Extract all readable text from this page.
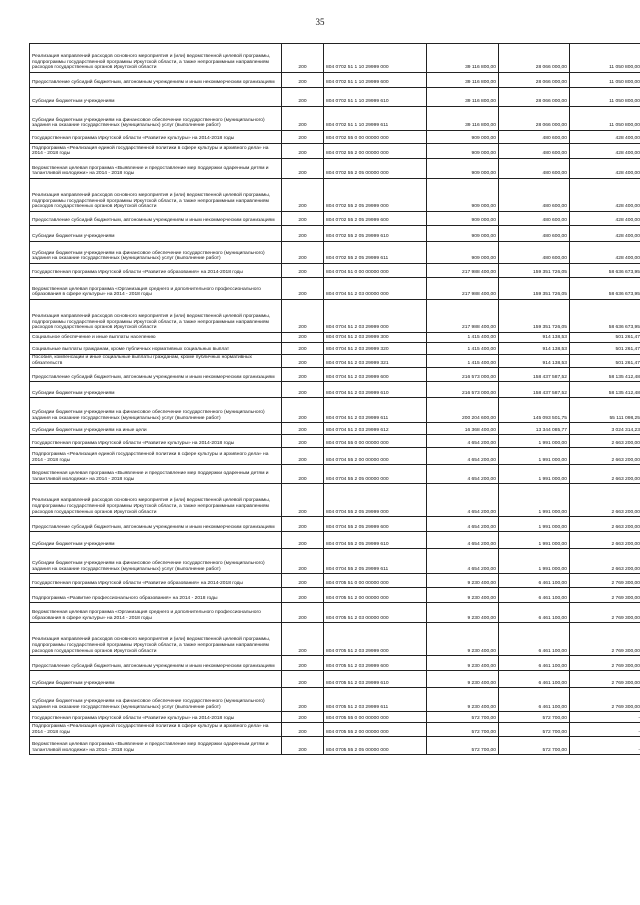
35
Реализация направлений расходов основного мероприятия и (или) ведомственной целевой программы, подпрограммы государственной программы Иркутской области, а также непрограммным направлениям расходов государственных органов Иркутской области	200	804 0702 51 1 10 29999 000	39 116 800,00	28 066 000,00	11 050 800,00
Предоставление субсидий бюджетным, автономным учреждениям и иным некоммерческим организациям	200	804 0702 51 1 10 29999 600	39 116 800,00	28 066 000,00	11 050 800,00
Субсидии бюджетным учреждениям	200	804 0702 51 1 10 29999 610	39 116 800,00	28 066 000,00	11 050 800,00
Субсидии бюджетным учреждениям на финансовое обеспечение государственного (муниципального) задания на оказание государственных (муниципальных) услуг (выполнение работ)	200	804 0702 51 1 10 29999 611	39 116 800,00	28 066 000,00	11 050 800,00
Государственная программа Иркутской области «Развитие культуры» на 2014-2018 годы	200	804 0702 55 0 00 00000 000	909 000,00	480 600,00	428 400,00
Подпрограмма «Реализация единой государственной политики в сфере культуры и архивного дела» на 2014 - 2018 годы	200	804 0702 55 2 00 00000 000	909 000,00	480 600,00	428 400,00
Ведомственная целевая программа «Выявление и предоставление мер поддержки одаренным детям и талантливой молодежи» на 2014 - 2018 годы	200	804 0702 55 2 05 00000 000	909 000,00	480 600,00	428 400,00
Реализация направлений расходов основного мероприятия и (или) ведомственной целевой программы, подпрограммы государственной программы Иркутской области, а также непрограммным направлениям расходов государственных органов Иркутской области	200	804 0702 55 2 05 29999 000	909 000,00	480 600,00	428 400,00
Предоставление субсидий бюджетным, автономным учреждениям и иным некоммерческим организациям	200	804 0702 55 2 05 29999 600	909 000,00	480 600,00	428 400,00
Субсидии бюджетным учреждениям	200	804 0702 55 2 05 29999 610	909 000,00	480 600,00	428 400,00
Субсидии бюджетным учреждениям на финансовое обеспечение государственного (муниципального) задания на оказание государственных (муниципальных) услуг (выполнение работ)	200	804 0702 55 2 05 29999 611	909 000,00	480 600,00	428 400,00
Государственная программа Иркутской области «Развитие образования» на 2014-2018 годы	200	804 0704 51 0 00 00000 000	217 988 400,00	159 351 726,05	58 636 673,95
Ведомственная целевая программа «Организация среднего и дополнительного профессионального образования в сфере культуры» на 2014 - 2018 годы	200	804 0704 51 2 03 00000 000	217 988 400,00	159 351 726,05	58 636 673,95
Реализация направлений расходов основного мероприятия и (или) ведомственной целевой программы, подпрограммы государственной программы Иркутской области, а также непрограммным направлениям расходов государственных органов Иркутской области	200	804 0704 51 2 03 29999 000	217 988 400,00	159 351 726,05	58 636 673,95
Социальное обеспечение и иные выплаты населению	200	804 0704 51 2 03 29999 300	1 415 400,00	914 138,53	501 261,47
Социальные выплаты гражданам, кроме публичных нормативных социальных выплат	200	804 0704 51 2 03 29999 320	1 415 400,00	914 138,53	501 261,47
Пособия, компенсации и иные социальные выплаты гражданам, кроме публичных нормативных обязательств	200	804 0704 51 2 03 29999 321	1 415 400,00	914 138,53	501 261,47
Предоставление субсидий бюджетным, автономным учреждениям и иным некоммерческим организациям	200	804 0704 51 2 03 29999 600	216 573 000,00	158 437 587,52	58 135 412,48
Субсидии бюджетным учреждениям	200	804 0704 51 2 03 29999 610	216 573 000,00	158 437 587,52	58 135 412,48
Субсидии бюджетным учреждениям на финансовое обеспечение государственного (муниципального) задания на оказание государственных (муниципальных) услуг (выполнение работ)	200	804 0704 51 2 03 29999 611	200 204 600,00	145 093 501,75	55 111 098,25
Субсидии бюджетным учреждениям на иные цели	200	804 0704 51 2 03 29999 612	16 368 400,00	13 344 085,77	3 024 314,23
Государственная программа Иркутской области «Развитие культуры» на 2014-2018 годы	200	804 0704 55 0 00 00000 000	4 654 200,00	1 991 000,00	2 663 200,00
Подпрограмма «Реализация единой государственной политики в сфере культуры и архивного дела» на 2014 - 2018 годы	200	804 0704 55 2 00 00000 000	4 654 200,00	1 991 000,00	2 663 200,00
Ведомственная целевая программа «Выявление и предоставление мер поддержки одаренным детям и талантливой молодежи» на 2014 - 2018 годы	200	804 0704 55 2 05 00000 000	4 654 200,00	1 991 000,00	2 663 200,00
Реализация направлений расходов основного мероприятия и (или) ведомственной целевой программы, подпрограммы государственной программы Иркутской области, а также непрограммным направлениям расходов государственных органов Иркутской области	200	804 0704 55 2 05 29999 000	4 654 200,00	1 991 000,00	2 663 200,00
Предоставление субсидий бюджетным, автономным учреждениям и иным некоммерческим организациям	200	804 0704 55 2 05 29999 600	4 654 200,00	1 991 000,00	2 663 200,00
Субсидии бюджетным учреждениям	200	804 0704 55 2 05 29999 610	4 654 200,00	1 991 000,00	2 663 200,00
Субсидии бюджетным учреждениям на финансовое обеспечение государственного (муниципального) задания на оказание государственных (муниципальных) услуг (выполнение работ)	200	804 0704 55 2 05 29999 611	4 654 200,00	1 991 000,00	2 663 200,00
Государственная программа Иркутской области «Развитие образования» на 2014-2018 годы	200	804 0705 51 0 00 00000 000	9 230 400,00	6 461 100,00	2 769 300,00
Подпрограмма «Развитие профессионального образования» на 2014 - 2018 годы	200	804 0705 51 2 00 00000 000	9 230 400,00	6 461 100,00	2 769 300,00
Ведомственная целевая программа «Организация среднего и дополнительного профессионального образования в сфере культуры» на 2014 - 2018 годы	200	804 0705 51 2 03 00000 000	9 230 400,00	6 461 100,00	2 769 300,00
Реализация направлений расходов основного мероприятия и (или) ведомственной целевой программы, подпрограммы государственной программы Иркутской области, а также непрограммным направлениям расходов государственных органов Иркутской области	200	804 0705 51 2 03 29999 000	9 230 400,00	6 461 100,00	2 769 300,00
Предоставление субсидий бюджетным, автономным учреждениям и иным некоммерческим организациям	200	804 0705 51 2 03 29999 600	9 230 400,00	6 461 100,00	2 769 300,00
Субсидии бюджетным учреждениям	200	804 0705 51 2 03 29999 610	9 230 400,00	6 461 100,00	2 769 300,00
Субсидии бюджетным учреждениям на финансовое обеспечение государственного (муниципального) задания на оказание государственных (муниципальных) услуг (выполнение работ)	200	804 0705 51 2 03 29999 611	9 230 400,00	6 461 100,00	2 769 300,00
Государственная программа Иркутской области «Развитие культуры» на 2014-2018 годы	200	804 0705 55 0 00 00000 000	572 700,00	572 700,00	-
Подпрограмма «Реализация единой государственной политики в сфере культуры и архивного дела» на 2014 - 2018 годы	200	804 0705 55 2 00 00000 000	572 700,00	572 700,00	-
Ведомственная целевая программа «Выявление и предоставление мер поддержки одаренным детям и талантливой молодежи» на 2014 - 2018 годы	200	804 0705 55 2 05 00000 000	572 700,00	572 700,00	-
